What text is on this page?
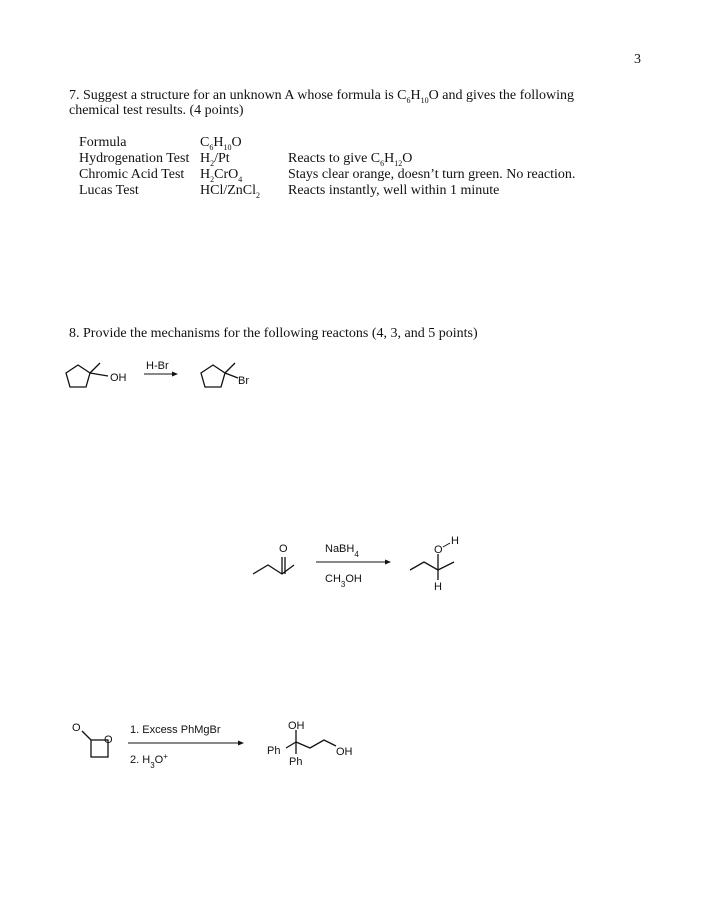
3
7. Suggest a structure for an unknown A whose formula is $C_6H_{10}O$ and gives the following
chemical test results. (4 points)
Formula	$C_6H_{10}O$
Hydrogenation Test $H_2/Pt$	Reacts to give $C_6H_{12}O$
Chromic Acid Test $H_2CrO_4$	Stays clear orange, doesn’t turn green. No reaction.
Lucas Test	HCl/ZnCl$_2$ Reacts instantly, well within 1 minute
8. Provide the mechanisms for the following reactons (4, 3, and 5 points)
OH
H-Br
Br
O	NaBH$_4$
$CH_3OH$
O
H
H
O
O
1. Excess PhMgBr
2. $H_3O^+$
OH
Ph
Ph
OH
